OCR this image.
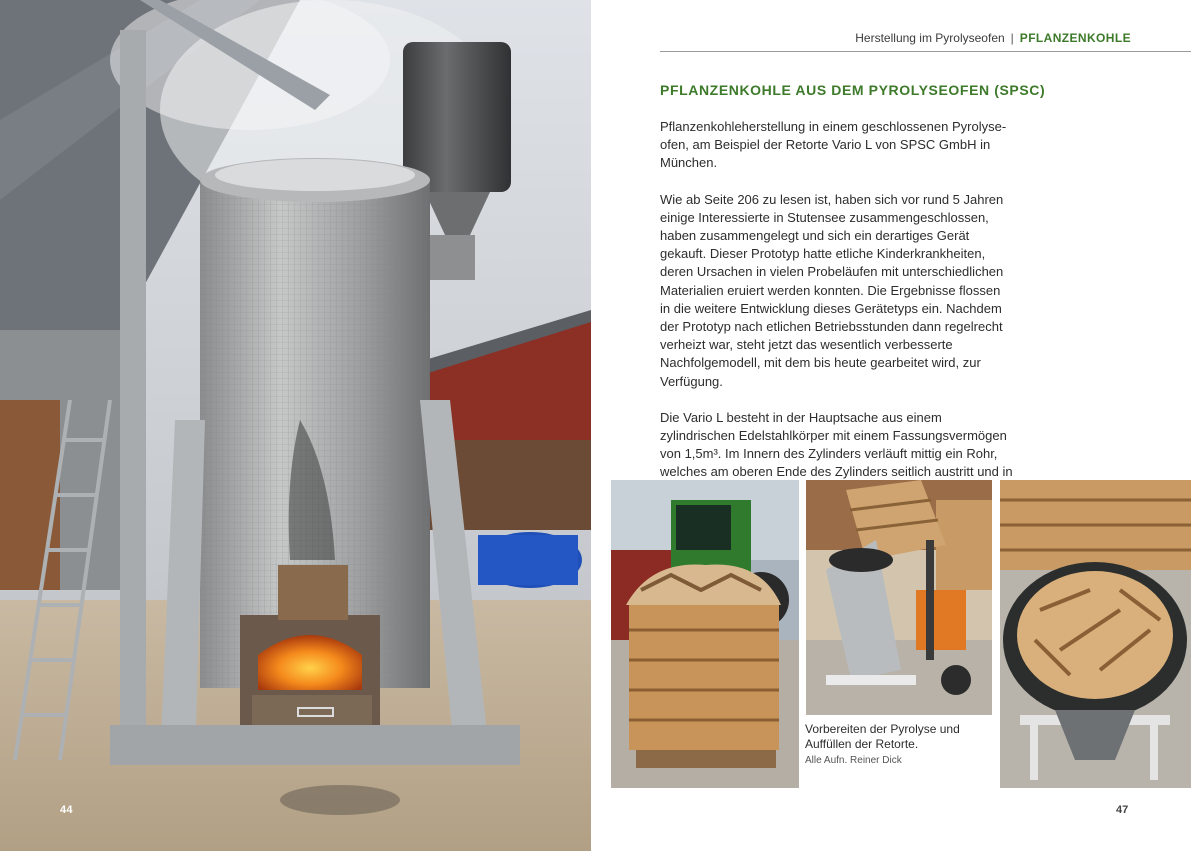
44
Herstellung im Pyrolyseofen | PFLANZENKOHLE
PFLANZENKOHLE AUS DEM PYROLYSEOFEN (SPSC)

Pflanzenkohleherstellung in einem geschlossenen Pyrolyseofen, am Beispiel der Retorte Vario L von SPSC GmbH in München.

Wie ab Seite 206 zu lesen ist, haben sich vor rund 5 Jahren einige Interessierte in Stutensee zusammengeschlossen, haben zusammengelegt und sich ein derartiges Gerät gekauft. Dieser Prototyp hatte etliche Kinderkrankheiten, deren Ursachen in vielen Probeläufen mit unterschiedlichen Materialien eruiert werden konnten. Die Ergebnisse flossen in die weitere Entwicklung dieses Gerätetyps ein. Nachdem der Prototyp nach etlichen Betriebsstunden dann regelrecht verheizt war, steht jetzt das wesentlich verbesserte Nachfolgemodell, mit dem bis heute gearbeitet wird, zur Verfügung.

Die Vario L besteht in der Hauptsache aus einem zylindrischen Edelstahlkörper mit einem Fassungsvermögen von 1,5m³. Im Innern des Zylinders verläuft mittig ein Rohr, welches am oberen Ende des Zylinders seitlich austritt und in

Vorbereiten der Pyrolyse und Auffüllen der Retorte.
Alle Aufn. Reiner Dick
47
